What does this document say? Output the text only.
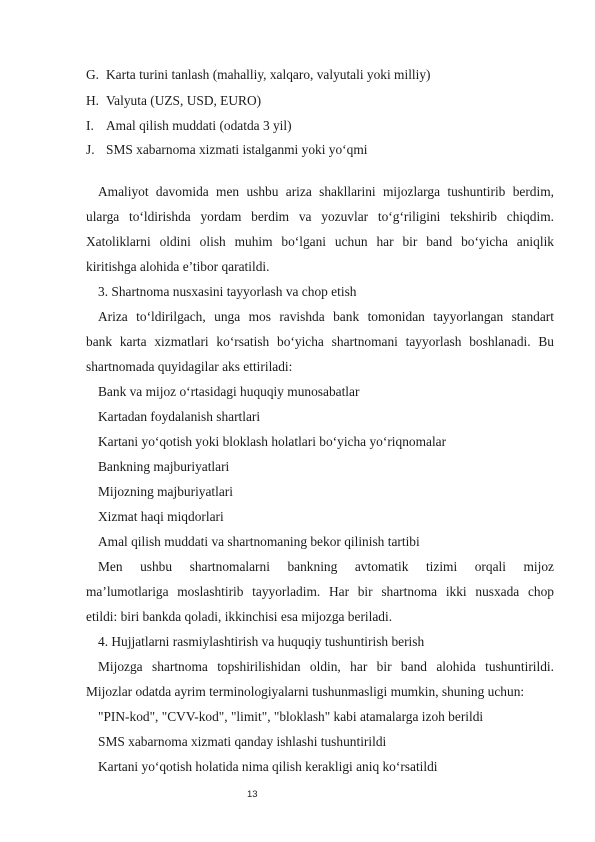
G. Karta turini tanlash (mahalliy, xalqaro, valyutali yoki milliy)
H. Valyuta (UZS, USD, EURO)
I. Amal qilish muddati (odatda 3 yil)
J. SMS xabarnoma xizmati istalganmi yoki yo‘qmi
Amaliyot davomida men ushbu ariza shakllarini mijozlarga tushuntirib berdim,
ularga to‘ldirishda yordam berdim va yozuvlar to‘g‘riligini tekshirib chiqdim.
Xatoliklarni oldini olish muhim bo‘lgani uchun har bir band bo‘yicha aniqlik
kiritishga alohida e’tibor qaratildi.
3. Shartnoma nusxasini tayyorlash va chop etish
Ariza to‘ldirilgach, unga mos ravishda bank tomonidan tayyorlangan standart
bank karta xizmatlari ko‘rsatish bo‘yicha shartnomani tayyorlash boshlanadi. Bu
shartnomada quyidagilar aks ettiriladi:
Bank va mijoz o‘rtasidagi huquqiy munosabatlar
Kartadan foydalanish shartlari
Kartani yo‘qotish yoki bloklash holatlari bo‘yicha yo‘riqnomalar
Bankning majburiyatlari
Mijozning majburiyatlari
Xizmat haqi miqdorlari
Amal qilish muddati va shartnomaning bekor qilinish tartibi
Men ushbu shartnomalarni bankning avtomatik tizimi orqali mijoz
ma’lumotlariga moslashtirib tayyorladim. Har bir shartnoma ikki nusxada chop
etildi: biri bankda qoladi, ikkinchisi esa mijozga beriladi.
4. Hujjatlarni rasmiylashtirish va huquqiy tushuntirish berish
Mijozga shartnoma topshirilishidan oldin, har bir band alohida tushuntirildi.
Mijozlar odatda ayrim terminologiyalarni tushunmasligi mumkin, shuning uchun:
"PIN-kod", "CVV-kod", "limit", "bloklash" kabi atamalarga izoh berildi
SMS xabarnoma xizmati qanday ishlashi tushuntirildi
Kartani yo‘qotish holatida nima qilish kerakligi aniq ko‘rsatildi
13
